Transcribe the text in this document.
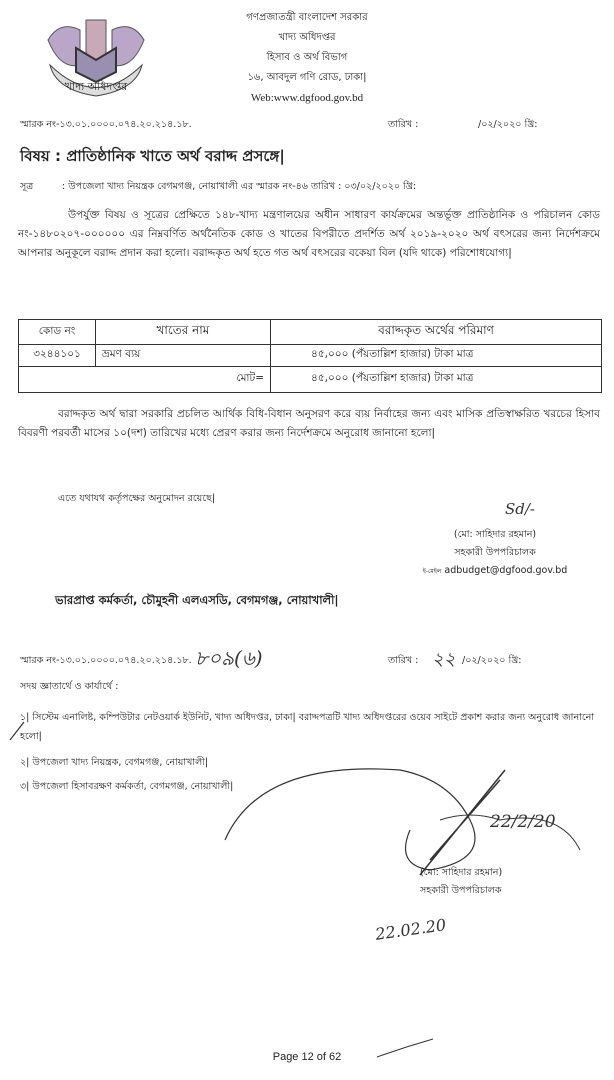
খাদ্য অধিদপ্তর
গণপ্রজাতন্ত্রী বাংলাদেশ সরকার
খাদ্য অধিদপ্তর
হিসাব ও অর্থ বিভাগ
১৬, আবদুল গণি রোড, ঢাকা|
Web:www.dgfood.gov.bd
স্মারক নং-১৩.০১.০০০০.০৭৪.২০.২১৪.১৮.	তারিখ :	/০২/২০২০ খ্রি:
বিষয় : প্রাতিষ্ঠানিক খাতে অর্থ বরাদ্দ প্রসঙ্গে|
সূত্র	: উপজেলা খাদ্য নিয়ন্ত্রক বেগমগঞ্জ, নোয়াখালী এর স্মারক নং-৪৬ তারিখ : ০৩/০২/২০২০ খ্রি:
উপর্যুক্ত বিষয় ও সূত্রের প্রেক্ষিতে ১৪৮-খাদ্য মন্ত্রণালয়ের অধীন সাধারণ কার্যক্রমের অন্তর্ভূক্ত প্রাতিষ্ঠানিক ও পরিচালন কোড নং-১৪৮০২০৭-০০০০০০ এর নিম্নবর্ণিত অর্থনৈতিক কোড ও খাতের বিপরীতে প্রদর্শিত অর্থ ২০১৯-২০২০ অর্থ বৎসরের জন্য নির্দেশক্রমে আপনার অনুকূলে বরাদ্দ প্রদান করা হলো। বরাদ্দকৃত অর্থ হতে গত অর্থ বৎসরের বকেয়া বিল (যদি থাকে) পরিশোধযোগ্য|
কোড নং	খাতের নাম	বরাদ্দকৃত অর্থের পরিমাণ
৩২৪৪১০১	ভ্রমণ ব্যয়	৪৫,০০০ (পঁয়তাল্লিশ হাজার) টাকা মাত্র
মোট=		৪৫,০০০ (পঁয়তাল্লিশ হাজার) টাকা মাত্র
বরাদ্দকৃত অর্থ দ্বারা সরকারি প্রচলিত আর্থিক বিধি-বিধান অনুসরণ করে ব্যয় নির্বাহের জন্য এবং মাসিক প্রতিস্বাক্ষরিত খরচের হিসাব বিবরণী পরবর্তী মাসের ১০(দশ) তারিখের মধ্যে প্রেরণ করার জন্য নির্দেশক্রমে অনুরোধ জানানো হলো|
এতে যথাযথ কর্তৃপক্ষের অনুমোদন রয়েছে|
Sd/-
(মো: সাহিদার রহমান)
সহকারী উপপরিচালক
ই-মেইল adbudget@dgfood.gov.bd
ভারপ্রাপ্ত কর্মকর্তা, চৌমুহনী এলএসডি, বেগমগঞ্জ, নোয়াখালী|
স্মারক নং-১৩.০১.০০০০.০৭৪.২০.২১৪.১৮. ৮০৯(৬)	তারিখ : ২২ /০২/২০২০ খ্রি:
সদয় জ্ঞাতার্থে ও কার্যার্থে :
১| সিস্টেম এনালিষ্ট, কম্পিউটার নেটওয়ার্ক ইউনিট, খাদ্য অধিদপ্তর, ঢাকা| বরাদ্দপত্রটি খাদ্য অধিদপ্তরের ওয়েব সাইটে প্রকাশ করার জন্য অনুরোধ জানানো হলো|
২| উপজেলা খাদ্য নিয়ন্ত্রক, বেগমগঞ্জ, নোয়াখালী|
৩| উপজেলা হিসাবরক্ষণ কর্মকর্তা, বেগমগঞ্জ, নোয়াখালী|
22/2/20
(মো: সাহিদার রহমান)
সহকারী উপপরিচালক
22.02.20
Page 12 of 62
